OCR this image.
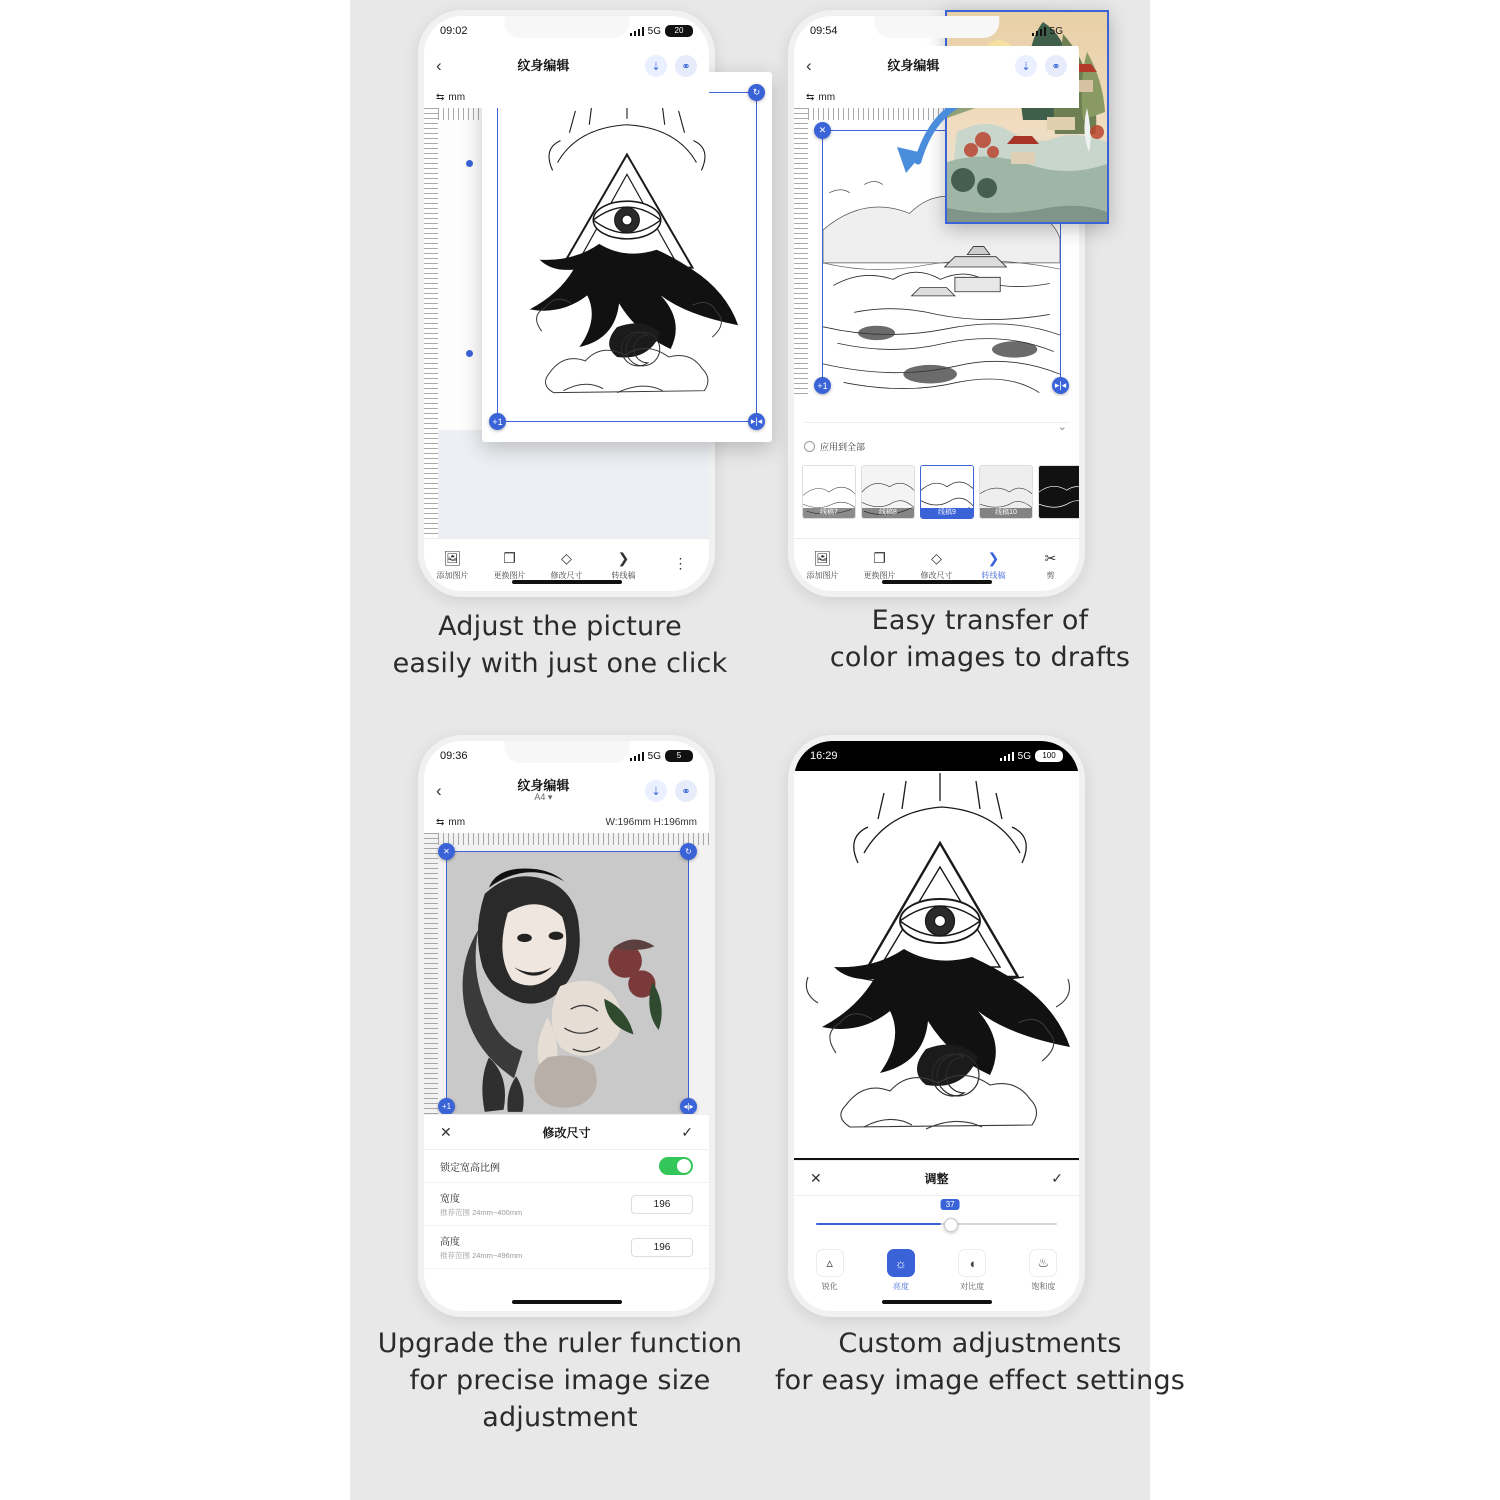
09:02	5G	20
‹	纹身编辑	⇣	⚭
⇆ mm
🖼
添加图片
❐
更换图片
◇
修改尺寸
❯
转线稿
⋮
↻
+1	▸|◂
Adjust the picture
easily with just one click
09:54	5G
‹	纹身编辑	⇣	⚭
⇆ mm
✕
+1	▸|◂
⌄
应用到全部
线稿7	线稿8	线稿9	线稿10
🖼
添加图片
❐
更换图片
◇
修改尺寸
❯
转线稿
✂
剪
Easy transfer of
color images to drafts
09:36	5G	5
‹	纹身编辑
A4 ▾	⇣	⚭
⇆ mm	W:196mm H:196mm
✕	↻
+1	◂|▸
✕	修改尺寸	✓
锁定宽高比例
宽度
推荐范围 24mm~400mm
196
高度
推荐范围 24mm~496mm
196
Upgrade the ruler function
for precise image size
adjustment
16:29	5G	100
✕	调整	✓
37
▵
锐化
☼
亮度
◖
对比度
♨
饱和度
Custom adjustments
for easy image effect settings
